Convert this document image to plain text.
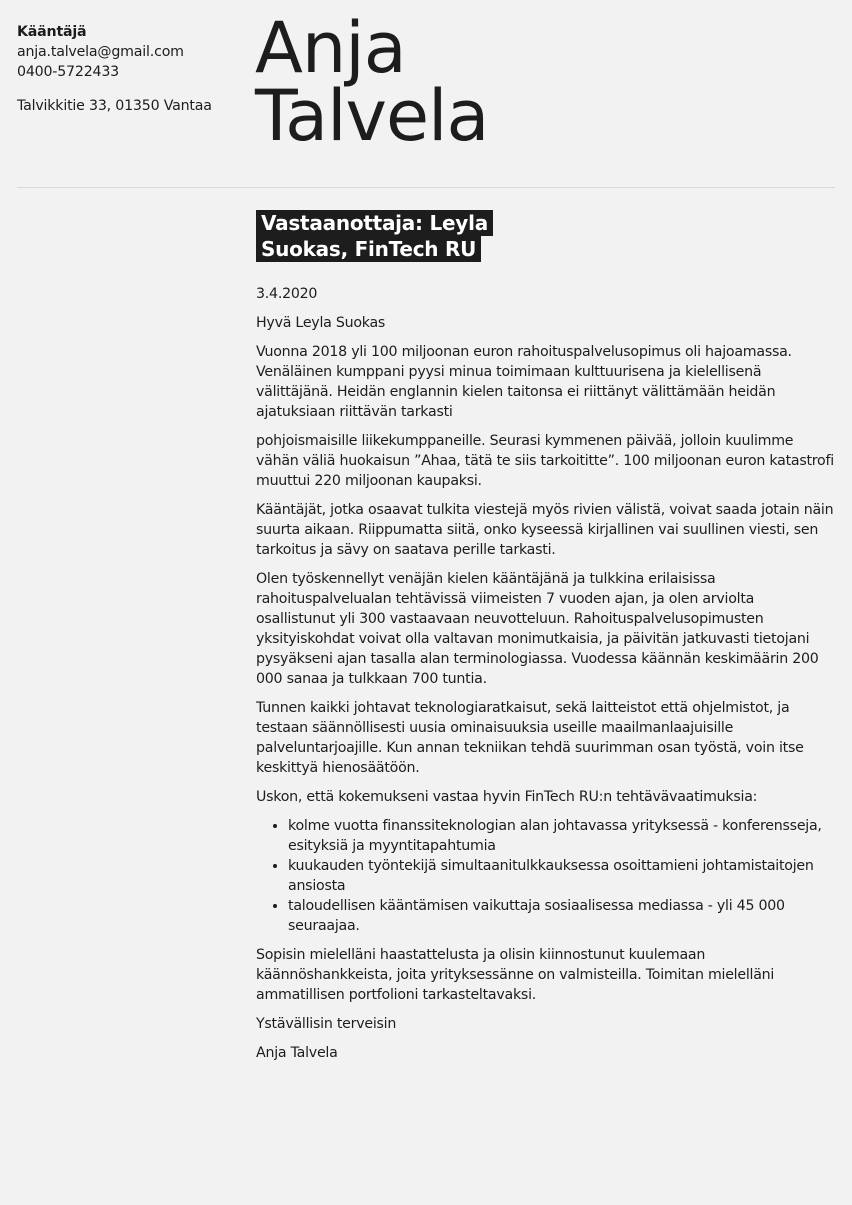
Kääntäjä
anja.talvela@gmail.com
0400-5722433
Talvikkitie 33, 01350 Vantaa
Anja
Talvela
Vastaanottaja: Leyla Suokas, FinTech RU

3.4.2020

Hyvä Leyla Suokas

Vuonna 2018 yli 100 miljoonan euron rahoituspalvelusopimus oli hajoamassa. Venäläinen kumppani pyysi minua toimimaan kulttuurisena ja kielellisenä välittäjänä. Heidän englannin kielen taitonsa ei riittänyt välittämään heidän ajatuksiaan riittävän tarkasti

pohjoismaisille liikekumppaneille. Seurasi kymmenen päivää, jolloin kuulimme vähän väliä huokaisun ”Ahaa, tätä te siis tarkoititte”. 100 miljoonan euron katastrofi muuttui 220 miljoonan kaupaksi.

Kääntäjät, jotka osaavat tulkita viestejä myös rivien välistä, voivat saada jotain näin suurta aikaan. Riippumatta siitä, onko kyseessä kirjallinen vai suullinen viesti, sen tarkoitus ja sävy on saatava perille tarkasti.

Olen työskennellyt venäjän kielen kääntäjänä ja tulkkina erilaisissa rahoituspalvelualan tehtävissä viimeisten 7 vuoden ajan, ja olen arviolta osallistunut yli 300 vastaavaan neuvotteluun. Rahoituspalvelusopimusten yksityiskohdat voivat olla valtavan monimutkaisia, ja päivitän jatkuvasti tietojani pysyäkseni ajan tasalla alan terminologiassa. Vuodessa käännän keskimäärin 200 000 sanaa ja tulkkaan 700 tuntia.

Tunnen kaikki johtavat teknologiaratkaisut, sekä laitteistot että ohjelmistot, ja testaan säännöllisesti uusia ominaisuuksia useille maailmanlaajuisille palveluntarjoajille. Kun annan tekniikan tehdä suurimman osan työstä, voin itse keskittyä hienosäätöön.

Uskon, että kokemukseni vastaa hyvin FinTech RU:n tehtävävaatimuksia:

• kolme vuotta finanssiteknologian alan johtavassa yrityksessä - konferensseja, esityksiä ja myyntitapahtumia
• kuukauden työntekijä simultaanitulkkauksessa osoittamieni johtamistaitojen ansiosta
• taloudellisen kääntämisen vaikuttaja sosiaalisessa mediassa - yli 45 000 seuraajaa.

Sopisin mielelläni haastattelusta ja olisin kiinnostunut kuulemaan käännöshankkeista, joita yrityksessänne on valmisteilla. Toimitan mielelläni ammatillisen portfolioni tarkasteltavaksi.

Ystävällisin terveisin

Anja Talvela
